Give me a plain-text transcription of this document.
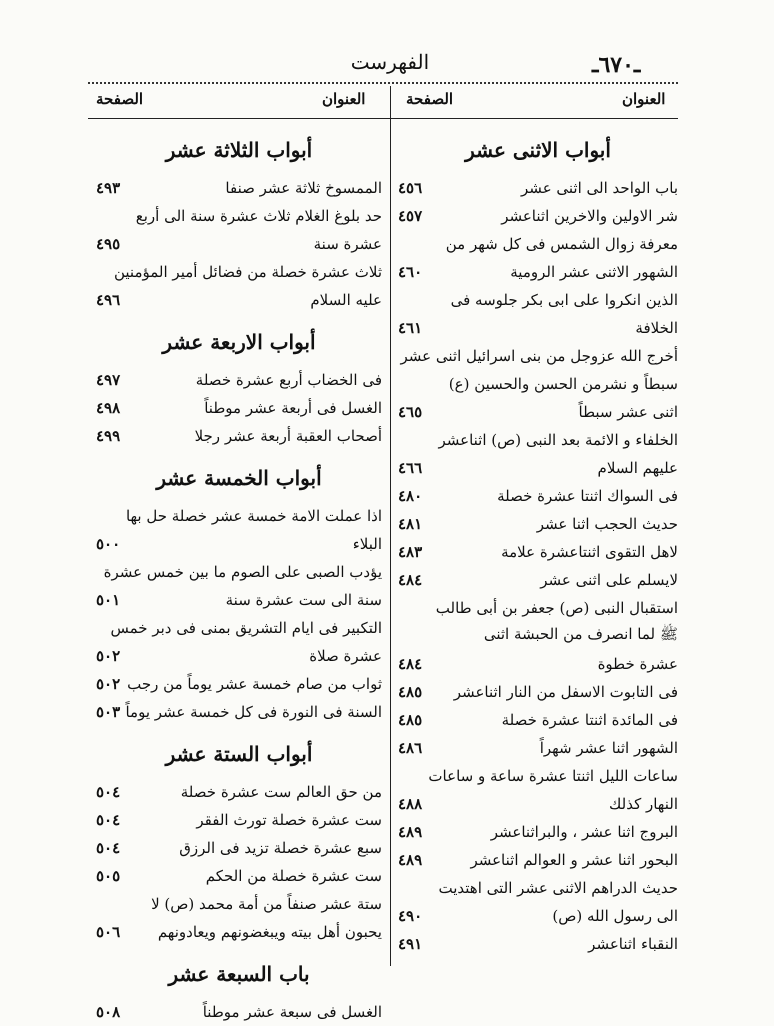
ـ٦٧٠ـ
الفهرست
العنوان
الصفحة
العنوان
الصفحة
أبواب الاثنى عشر
باب الواحد الى اثنى عشر
٤٥٦
شر الاولين والاخرين اثناعشر
٤٥٧
معرفة زوال الشمس فى كل شهر من
الشهور الاثنى عشر الرومية
٤٦٠
الذين انكروا على ابى بكر جلوسه فى
الخلافة
٤٦١
أخرج الله عزوجل من بنى اسرائيل اثنى عشر
سبطاً و نشرمن الحسن والحسين (ع)
اثنى عشر سبطاً
٤٦٥
الخلفاء و الائمة بعد النبى (ص) اثناعشر
عليهم السلام
٤٦٦
فى السواك اثنتا عشرة خصلة
٤٨٠
حديث الحجب اثنا عشر
٤٨١
لاهل التقوى اثنتاعشرة علامة
٤٨٣
لايسلم على اثنى عشر
٤٨٤
استقبال النبى (ص) جعفر بن أبى طالب
ﷺ لما انصرف من الحبشة اثنى
عشرة خطوة
٤٨٤
فى التابوت الاسفل من النار اثناعشر
٤٨٥
فى المائدة اثنتا عشرة خصلة
٤٨٥
الشهور اثنا عشر شهراً
٤٨٦
ساعات الليل اثنتا عشرة ساعة و ساعات
النهار كذلك
٤٨٨
البروج اثنا عشر ، والبراثناعشر
٤٨٩
البحور اثنا عشر و العوالم اثناعشر
٤٨٩
حديث الدراهم الاثنى عشر التى اهتديت
الى رسول الله (ص)
٤٩٠
النقباء اثناعشر
٤٩١
أبواب الثلاثة عشر
الممسوخ ثلاثة عشر صنفا
٤٩٣
حد بلوغ الغلام ثلاث عشرة سنة الى أربع
عشرة سنة
٤٩٥
ثلاث عشرة خصلة من فضائل أمير المؤمنين
عليه السلام
٤٩٦
أبواب الاربعة عشر
فى الخضاب أربع عشرة خصلة
٤٩٧
الغسل فى أربعة عشر موطناً
٤٩٨
أصحاب العقبة أربعة عشر رجلا
٤٩٩
أبواب الخمسة عشر
اذا عملت الامة خمسة عشر خصلة حل بها
البلاء
٥٠٠
يؤدب الصبى على الصوم ما بين خمس عشرة
سنة الى ست عشرة سنة
٥٠١
التكبير فى ايام التشريق بمنى فى دبر خمس
عشرة صلاة
٥٠٢
ثواب من صام خمسة عشر يوماً من رجب
٥٠٢
السنة فى النورة فى كل خمسة عشر يوماً
٥٠٣
أبواب الستة عشر
من حق العالم ست عشرة خصلة
٥٠٤
ست عشرة خصلة تورث الفقر
٥٠٤
سبع عشرة خصلة تزيد فى الرزق
٥٠٤
ست عشرة خصلة من الحكم
٥٠٥
ستة عشر صنفاً من أمة محمد (ص) لا
يحبون أهل بيته ويبغضونهم ويعادونهم
٥٠٦
باب السبعة عشر
الغسل فى سبعة عشر موطناً
٥٠٨
